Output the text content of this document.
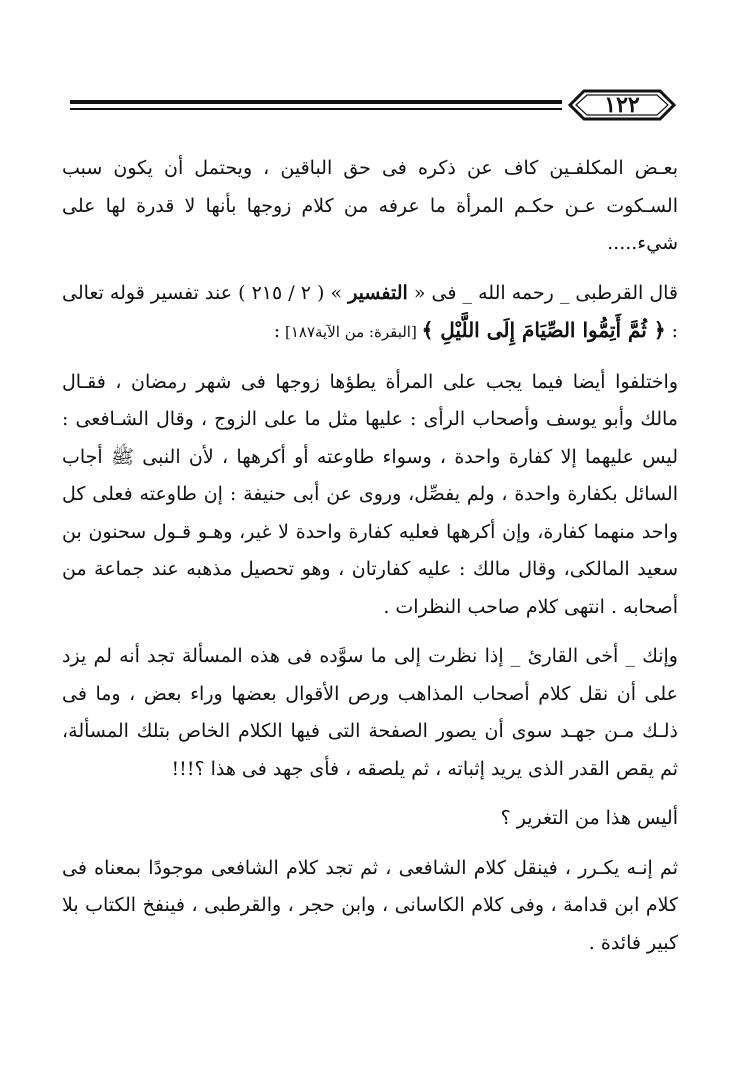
١٢٢

بعـض المكلفـين كاف عن ذكره فى حق الباقين ، ويحتمل أن يكون سبب السـكوت عـن حكـم المرأة ما عرفه من كلام زوجها بأنها لا قدرة لها على شيء.....

قال القرطبى _ رحمه الله _ فى « التفسير » ( ٢ / ٢١٥ ) عند تفسير قوله تعالى : ﴿ ثُمَّ أَتِمُّوا الصِّيَامَ إِلَى اللَّيْلِ ﴾ [البقرة: من الآية١٨٧] :

واختلفوا أيضا فيما يجب على المرأة يطؤها زوجها فى شهر رمضان ، فقـال مالك وأبو يوسف وأصحاب الرأى : عليها مثل ما على الزوج ، وقال الشـافعى : ليس عليهما إلا كفارة واحدة ، وسواء طاوعته أو أكرهها ، لأن النبى ﷺ أجاب السائل بكفارة واحدة ، ولم يفصِّل، وروى عن أبى حنيفة : إن طاوعته فعلى كل واحد منهما كفارة، وإن أكرهها فعليه كفارة واحدة لا غير، وهـو قـول سحنون بن سعيد المالكى، وقال مالك : عليه كفارتان ، وهو تحصيل مذهبه عند جماعة من أصحابه . انتهى كلام صاحب النظرات .

وإنك _ أخى القارئ _ إذا نظرت إلى ما سوَّده فى هذه المسألة تجد أنه لم يزد على أن نقل كلام أصحاب المذاهب ورص الأقوال بعضها وراء بعض ، وما فى ذلـك مـن جهـد سوى أن يصور الصفحة التى فيها الكلام الخاص بتلك المسألة، ثم يقص القدر الذى يريد إثباته ، ثم يلصقه ، فأى جهد فى هذا ؟!!!

أليس هذا من التغرير ؟

ثم إنـه يكـرر ، فينقل كلام الشافعى ، ثم تجد كلام الشافعى موجودًا بمعناه فى كلام ابن قدامة ، وفى كلام الكاسانى ، وابن حجر ، والقرطبى ، فينفخ الكتاب بلا كبير فائدة .
